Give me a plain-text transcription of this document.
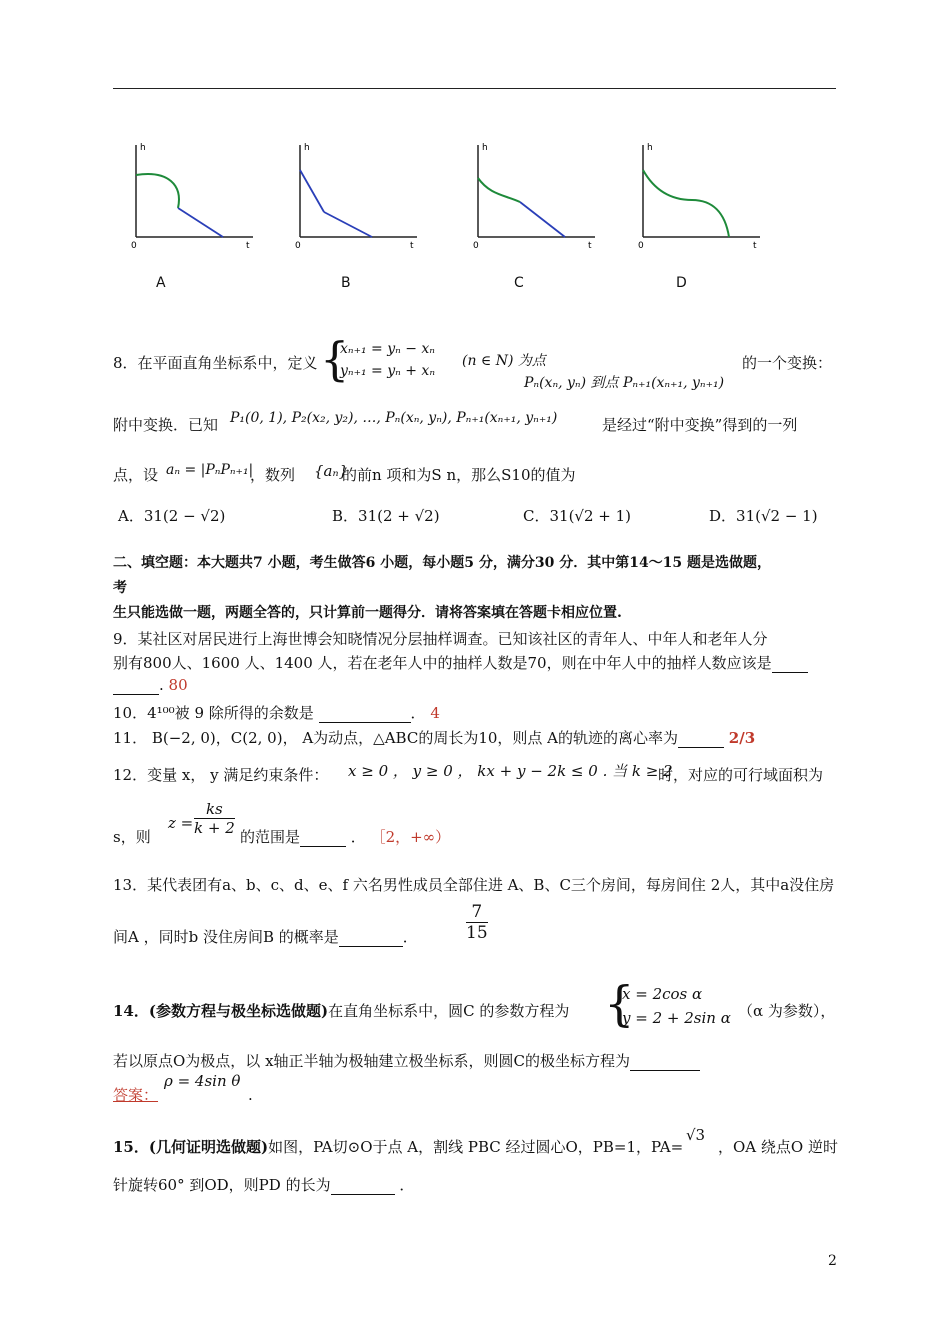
h
0	t
A
h
0	t
B
h
0	t
C
h
0	t
D
8．在平面直角坐标系中，定义 {
xₙ₊₁ = yₙ − xₙ
yₙ₊₁ = yₙ + xₙ
(n ∈ N) 为点
Pₙ(xₙ, yₙ) 到点 Pₙ₊₁(xₙ₊₁, yₙ₊₁)
的一个变换：
附中变换．已知 P₁(0, 1), P₂(x₂, y₂), …, Pₙ(xₙ, yₙ), Pₙ₊₁(xₙ₊₁, yₙ₊₁)	是经过“附中变换”得到的一列
点，设 aₙ = |PₙPₙ₊₁|
，数列 {aₙ}
的前n 项和为S n，那么S10的值为
A．31(2 − √2)	B．31(2 + √2)	C．31(√2 + 1)	D．31(√2 − 1)
二、填空题：本大题共7 小题，考生做答6 小题，每小题5 分，满分30 分．其中第14～15 题是选做题，
考
生只能选做一题，两题全答的，只计算前一题得分．请将答案填在答题卡相应位置.
9．某社区对居民进行上海世博会知晓情况分层抽样调查。已知该社区的青年人、中年人和老年人分
别有800人、1600 人、1400 人，若在老年人中的抽样人数是70，则在中年人中的抽样人数应该是
. 80
10．4¹⁰⁰被 9 除所得的余数是	． 4
11． B(−2, 0)，C(2, 0)， A为动点，△ABC的周长为10，则点 A的轨迹的离心率为	2/3
12．变量 x， y 满足约束条件： x ≥ 0 ， y ≥ 0 ， kx + y − 2k ≤ 0 . 当 k ≥ 2
时，对应的可行域面积为
s，则
$z = \frac{ks}{k + 2}$ 的范围是	． ［2，+∞）
13．某代表团有a、b、c、d、e、f 六名男性成员全部住进 A、B、C三个房间，每房间住 2人，其中a没住房
间A ，同时b 没住房间B 的概率是	．	$\frac{7}{15}$
14．(参数方程与极坐标选做题)在直角坐标系中，圆C 的参数方程为 {
x = 2cos α
y = 2 + 2sin α （α 为参数），
若以原点O为极点，以 x轴正半轴为极轴建立极坐标系，则圆C的极坐标方程为
答案：
ρ = 4sin θ
.
15．(几何证明选做题)如图，PA切⊙O于点 A，割线 PBC 经过圆心O，PB=1，PA=
√3
，OA 绕点O 逆时
针旋转60° 到OD，则PD 的长为	．
2
